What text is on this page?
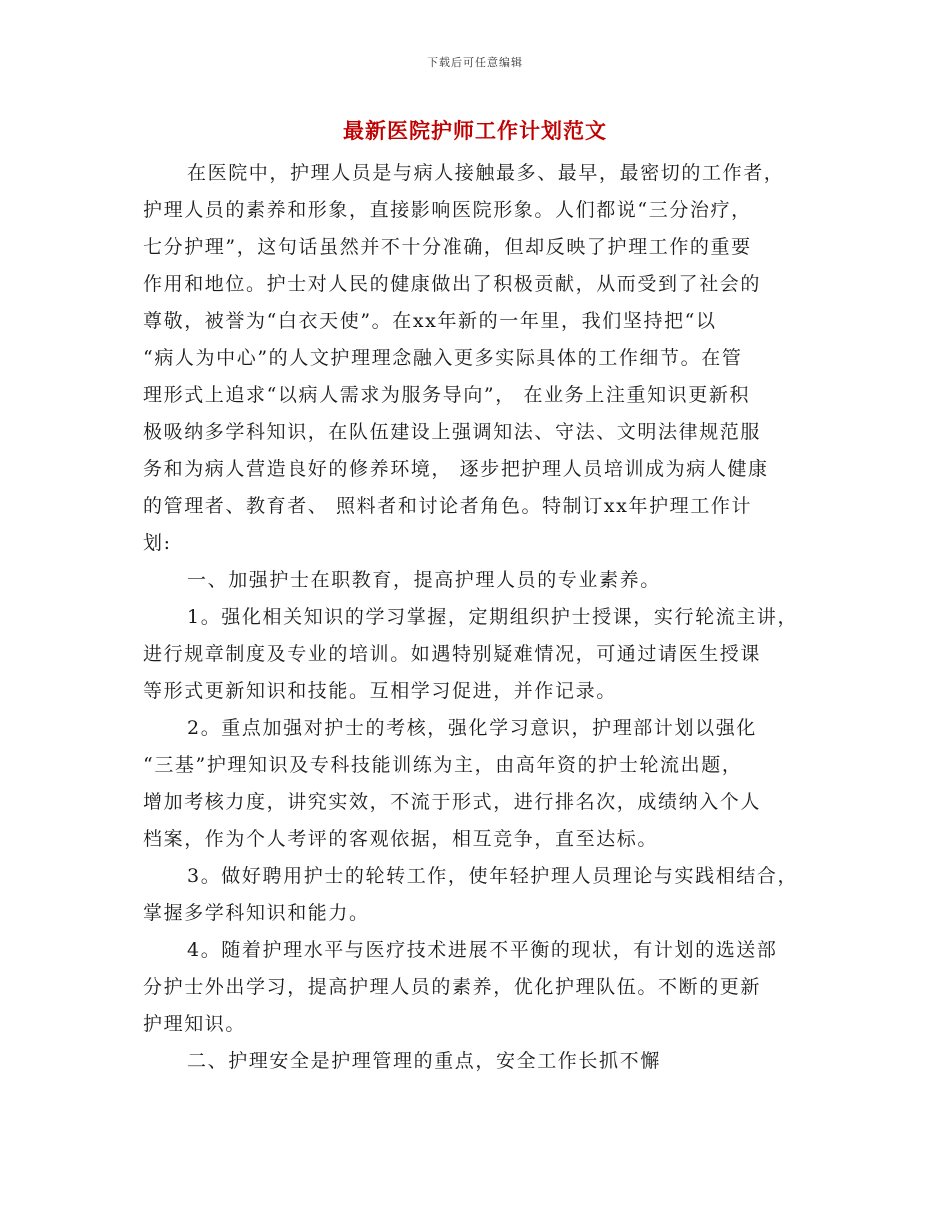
下载后可任意编辑
最新医院护师工作计划范文
在医院中，护理人员是与病人接触最多、最早，最密切的工作者，
护理人员的素养和形象，直接影响医院形象。人们都说“三分治疗，
七分护理”，这句话虽然并不十分准确，但却反映了护理工作的重要
作用和地位。护士对人民的健康做出了积极贡献，从而受到了社会的
尊敬，被誉为“白衣天使”。在xx年新的一年里，我们坚持把“以
“病人为中心”的人文护理理念融入更多实际具体的工作细节。在管
理形式上追求“以病人需求为服务导向”， 在业务上注重知识更新积
极吸纳多学科知识，在队伍建设上强调知法、守法、文明法律规范服
务和为病人营造良好的修养环境， 逐步把护理人员培训成为病人健康
的管理者、教育者、 照料者和讨论者角色。特制订xx年护理工作计
划:
一、加强护士在职教育，提高护理人员的专业素养。
1。强化相关知识的学习掌握，定期组织护士授课，实行轮流主讲，
进行规章制度及专业的培训。如遇特别疑难情况，可通过请医生授课
等形式更新知识和技能。互相学习促进，并作记录。
2。重点加强对护士的考核，强化学习意识，护理部计划以强化
“三基”护理知识及专科技能训练为主，由高年资的护士轮流出题，
增加考核力度，讲究实效，不流于形式，进行排名次，成绩纳入个人
档案，作为个人考评的客观依据，相互竞争，直至达标。
3。做好聘用护士的轮转工作，使年轻护理人员理论与实践相结合，
掌握多学科知识和能力。
4。随着护理水平与医疗技术进展不平衡的现状，有计划的选送部
分护士外出学习，提高护理人员的素养，优化护理队伍。不断的更新
护理知识。
二、护理安全是护理管理的重点，安全工作长抓不懈
